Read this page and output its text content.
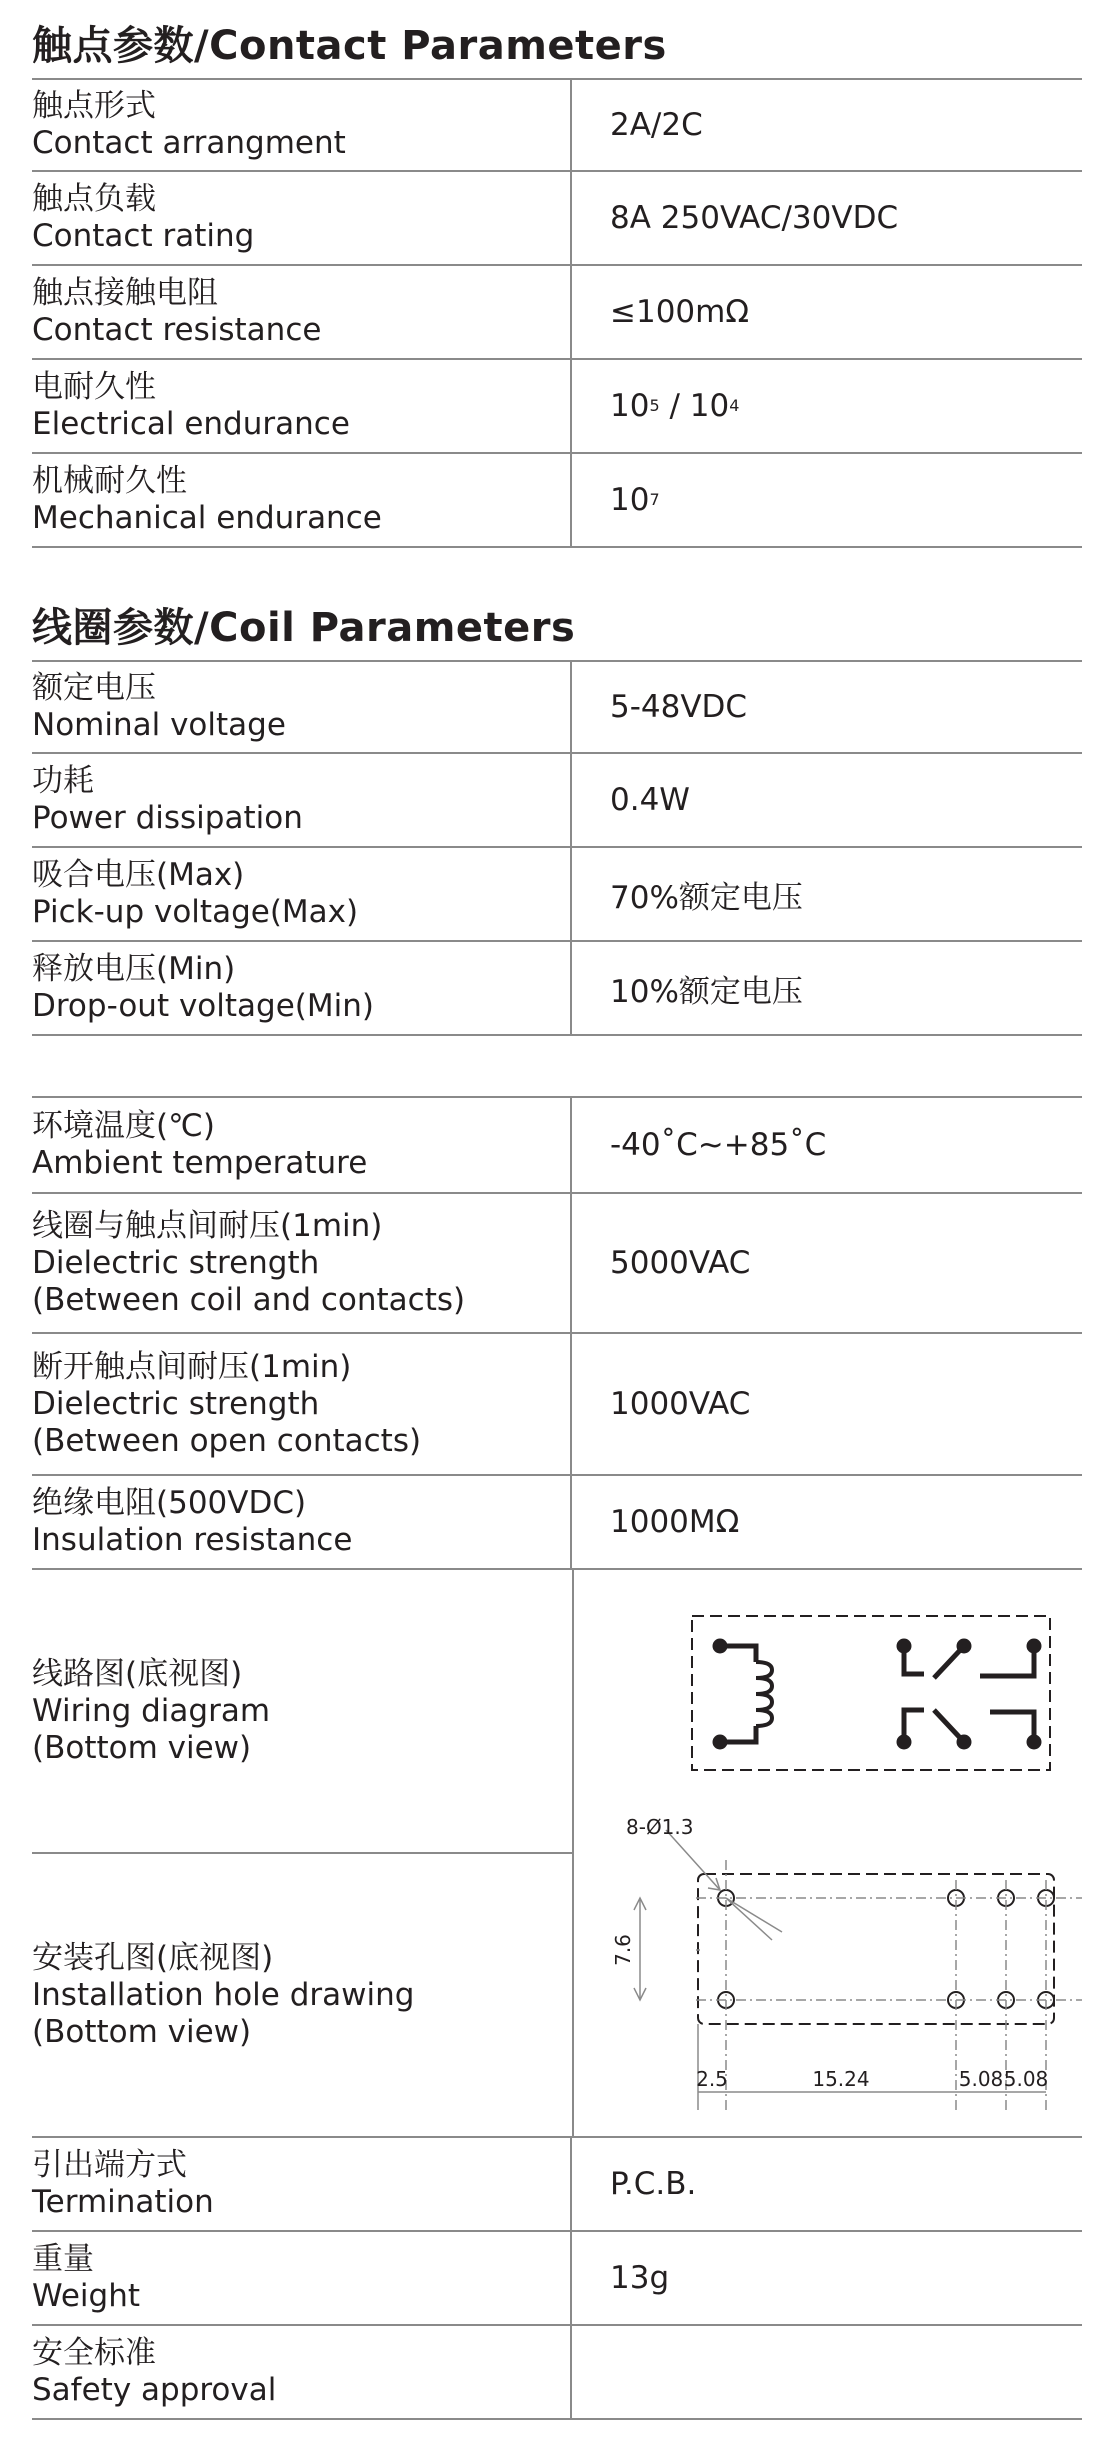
触点参数/Contact Parameters
触点形式
Contact arrangment	2A/2C
触点负载
Contact rating	8A 250VAC/30VDC
触点接触电阻
Contact resistance	≤100mΩ
电耐久性
Electrical endurance	10 5 / 10 4
机械耐久性
Mechanical endurance	10 7
线圈参数/Coil Parameters
额定电压
Nominal voltage	5-48VDC
功耗
Power dissipation	0.4W
吸合电压(Max)
Pick-up voltage(Max)	70%额定电压
释放电压(Min)
Drop-out voltage(Min)	10%额定电压
环境温度(℃)
Ambient temperature	-40˚C~+85˚C
线圈与触点间耐压(1min)
Dielectric strength
(Between coil and contacts)
5000VAC
断开触点间耐压(1min)
Dielectric strength
(Between open contacts)
1000VAC
绝缘电阻(500VDC)
Insulation resistance	1000MΩ
线路图(底视图)
Wiring diagram
(Bottom view)
安装孔图(底视图)
Installation hole drawing
(Bottom view)
8-Ø1.3
7.6
2.5	15.24	5.08 5.08
引出端方式
Termination	P.C.B.
重量
Weight	13g
安全标准
Safety approval
